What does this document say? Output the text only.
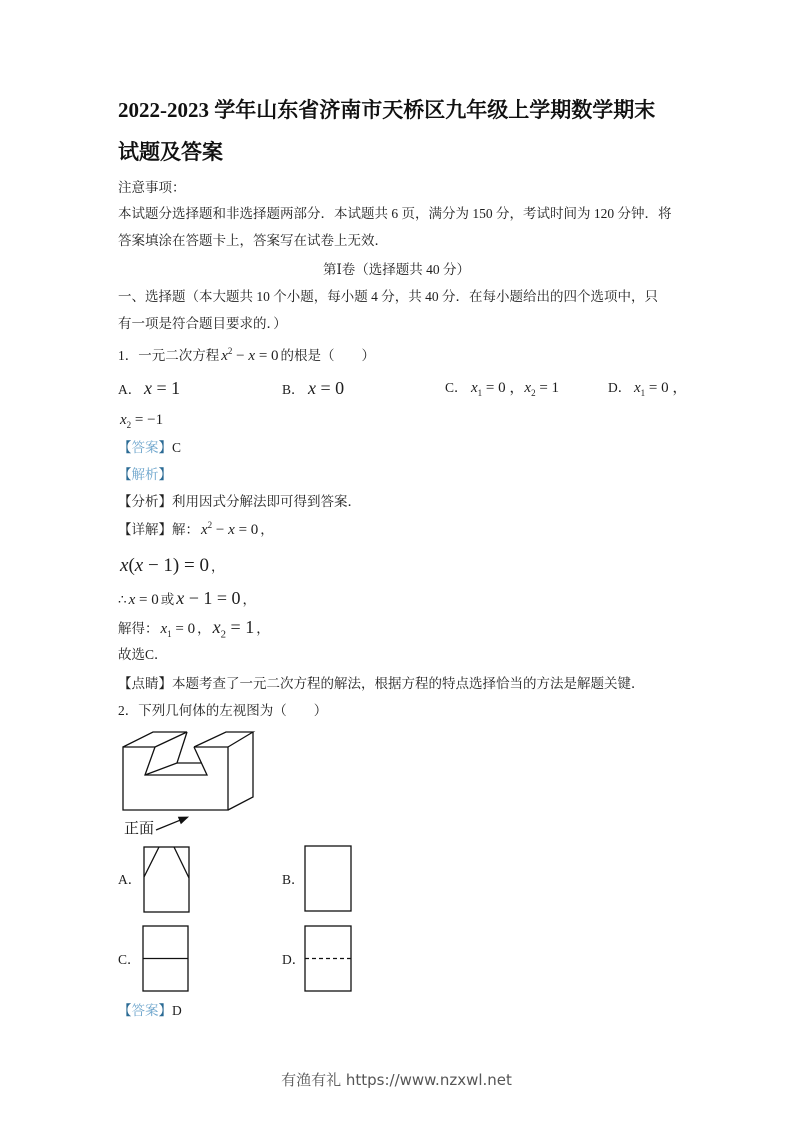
2022-2023 学年山东省济南市天桥区九年级上学期数学期末
试题及答案
注意事项：
本试题分选择题和非选择题两部分．本试题共 6 页，满分为 150 分，考试时间为 120 分钟．将
答案填涂在答题卡上，答案写在试卷上无效．
第Ⅰ卷（选择题共 40 分）
一、选择题（本大题共 10 个小题，每小题 4 分，共 40 分．在每小题给出的四个选项中，只
有一项是符合题目要求的．）
1．一元二次方程 $x^2 - x = 0$ 的根是（　　）
A． x = 1	B． x = 0	C． $x_1 = 0$ ，$x_2 = 1$	D． $x_1 = 0$ ，
$x_2 = -1$
【答案】C
【解析】
【分析】利用因式分解法即可得到答案．
【详解】解： $x^2 - x = 0$ ，
x(x − 1) = 0 ，
∴ x = 0 或 x − 1 = 0 ，
解得： $x_1 = 0$ ， $x_2 = 1$ ，
故选C．
【点睛】本题考查了一元二次方程的解法，根据方程的特点选择恰当的方法是解题关键．
2．下列几何体的左视图为（　　）
正面
A．	B．
C．	D．
【答案】D
有渔有礼 https://www.nzxwl.net
